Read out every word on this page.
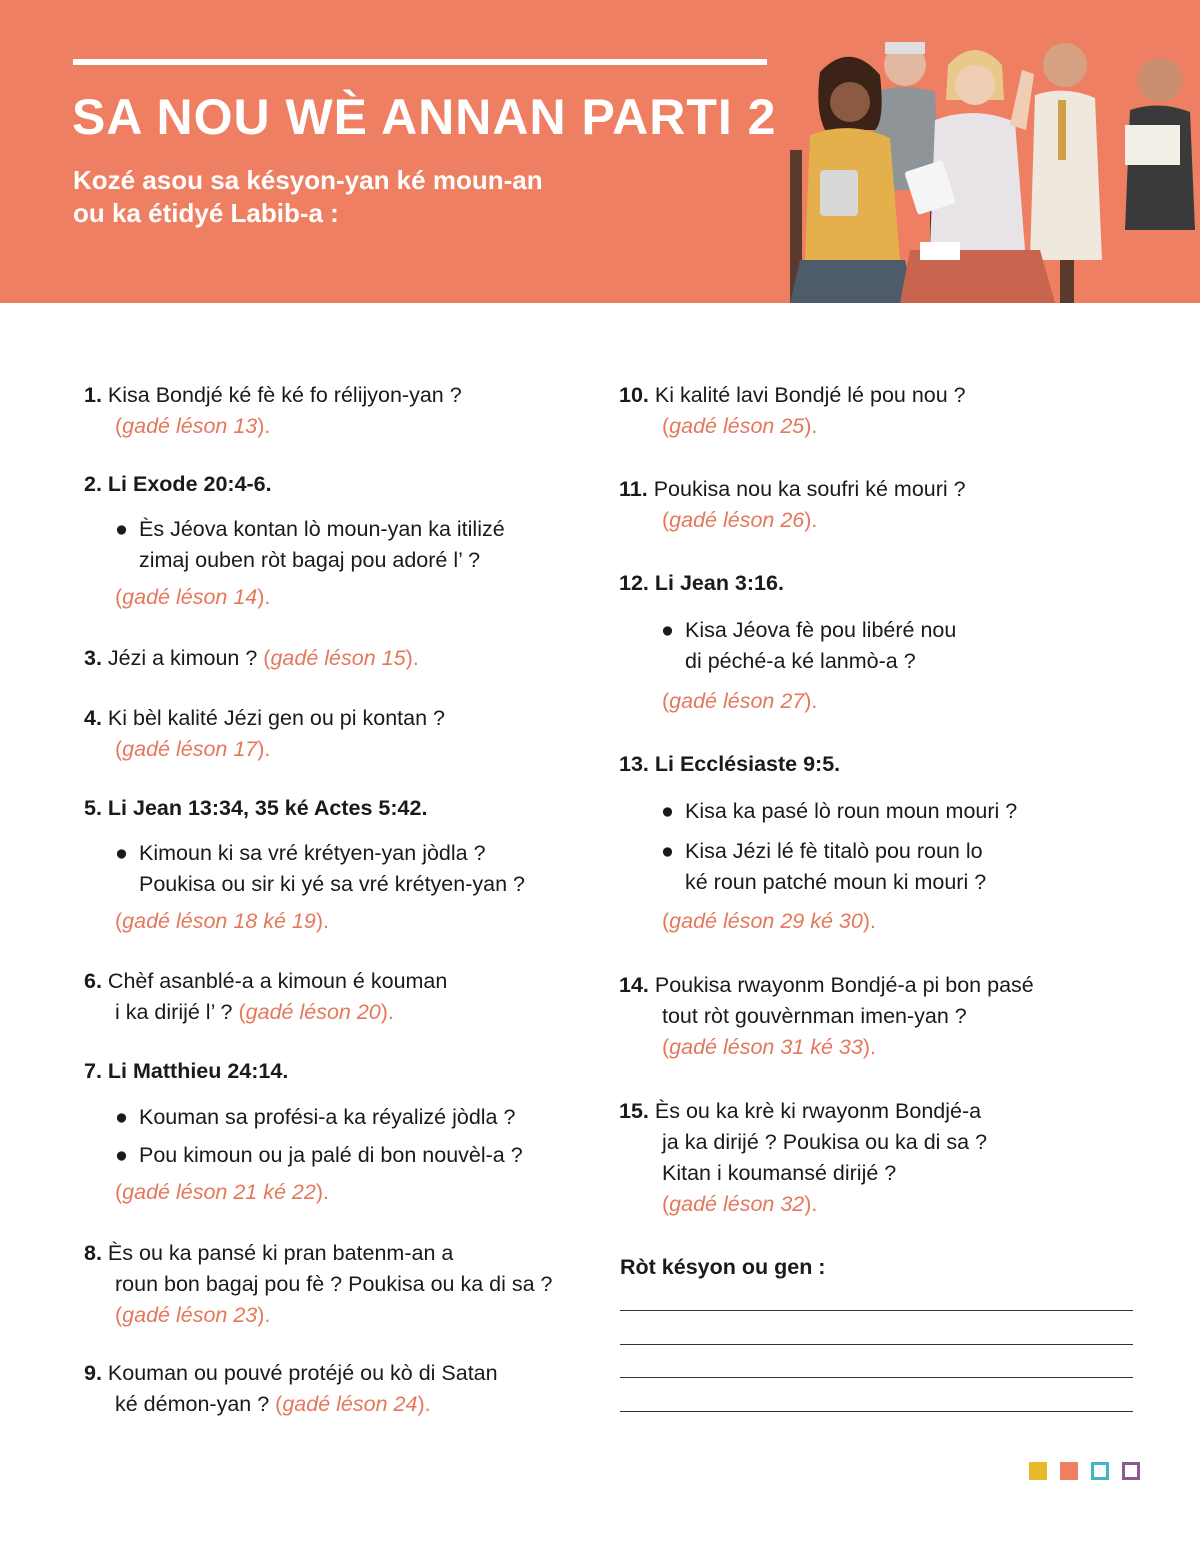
SA NOU WÈ ANNAN PARTI 2
Kozé asou sa késyon-yan ké moun-an
ou ka étidyé Labib-a :
1. Kisa Bondjé ké fè ké fo rélijyon-yan ?
(gadé léson 13).
2. Li Exode 20:4-6.
● Ès Jéova kontan lò moun-yan ka itilizé
zimaj ouben ròt bagaj pou adoré l’ ?
(gadé léson 14).
3. Jézi a kimoun ? (gadé léson 15).
4. Ki bèl kalité Jézi gen ou pi kontan ?
(gadé léson 17).
5. Li Jean 13:34, 35 ké Actes 5:42.
● Kimoun ki sa vré krétyen-yan jòdla ?
Poukisa ou sir ki yé sa vré krétyen-yan ?
(gadé léson 18 ké 19).
6. Chèf asanblé-a a kimoun é kouman
i ka dirijé l’ ? (gadé léson 20).
7. Li Matthieu 24:14.
● Kouman sa profési-a ka réyalizé jòdla ?
● Pou kimoun ou ja palé di bon nouvèl-a ?
(gadé léson 21 ké 22).
8. Ès ou ka pansé ki pran batenm-an a
roun bon bagaj pou fè ? Poukisa ou ka di sa ?
(gadé léson 23).
9. Kouman ou pouvé protéjé ou kò di Satan
ké démon-yan ? (gadé léson 24).
10. Ki kalité lavi Bondjé lé pou nou ?
(gadé léson 25).
11. Poukisa nou ka soufri ké mouri ?
(gadé léson 26).
12. Li Jean 3:16.
● Kisa Jéova fè pou libéré nou
di péché-a ké lanmò-a ?
(gadé léson 27).
13. Li Ecclésiaste 9:5.
● Kisa ka pasé lò roun moun mouri ?
● Kisa Jézi lé fè titalò pou roun lo
ké roun patché moun ki mouri ?
(gadé léson 29 ké 30).
14. Poukisa rwayonm Bondjé-a pi bon pasé
tout ròt gouvèrnman imen-yan ?
(gadé léson 31 ké 33).
15. Ès ou ka krè ki rwayonm Bondjé-a
ja ka dirijé ? Poukisa ou ka di sa ?
Kitan i koumansé dirijé ?
(gadé léson 32).
Ròt késyon ou gen :
